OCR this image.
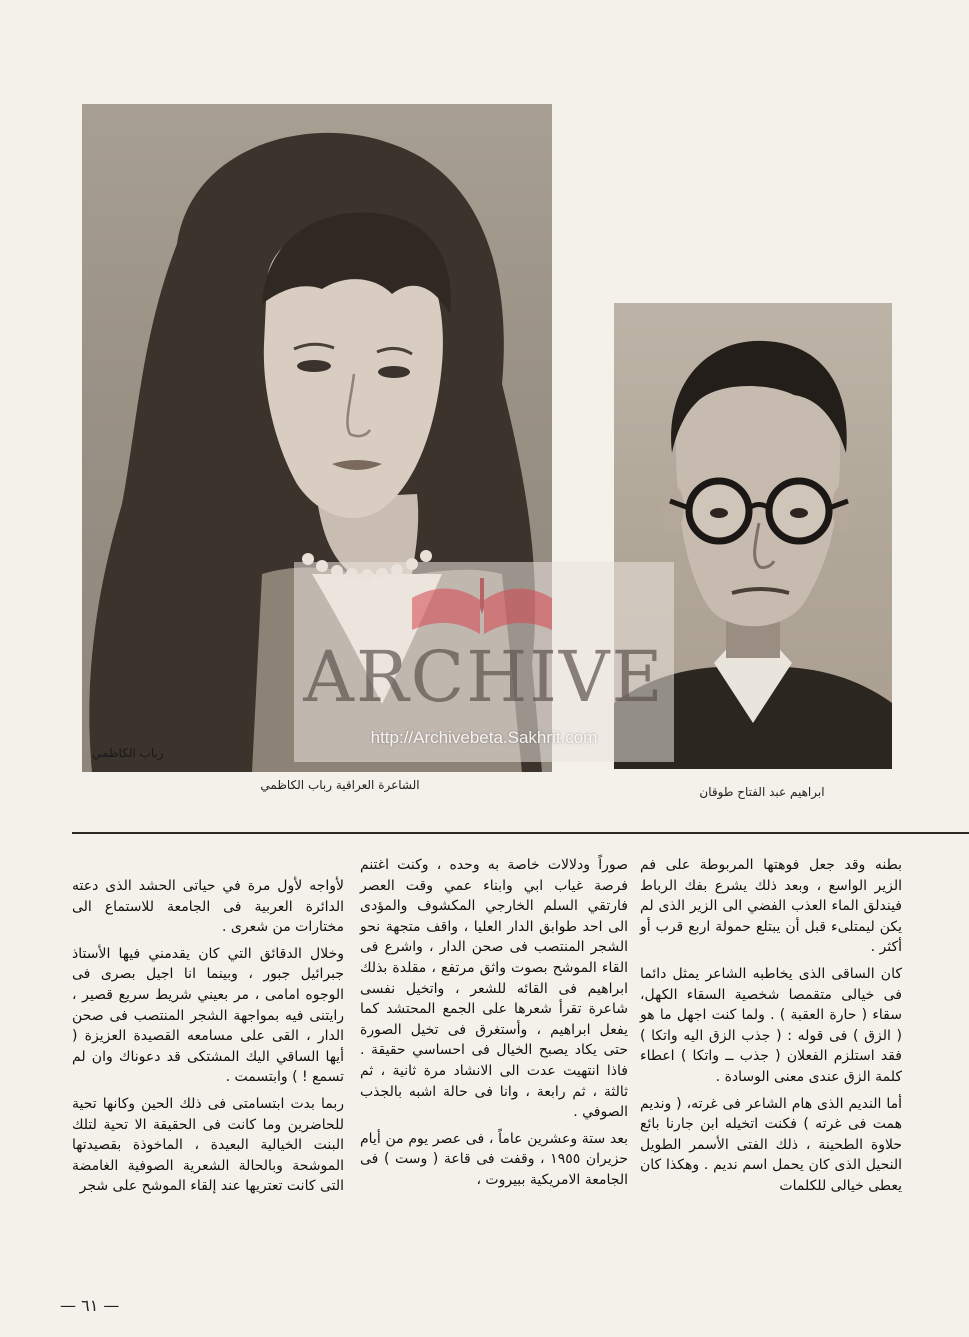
رباب الكاظمي
الشاعرة العراقية رباب الكاظمي	ابراهيم عبد الفتاح طوقان
ARCHIVE
http://Archivebeta.Sakhrit.com

بطنه وقد جعل فوهتها المربوطة على فم الزير الواسع ، وبعد ذلك يشرع بفك الرباط فيندلق الماء العذب الفضي الى الزير الذى لم يكن ليمتلىء قبل أن يبتلع حمولة اربع قرب أو أكثر .

كان الساقى الذى يخاطبه الشاعر يمثل دائما فى خيالى متقمصا شخصية السقاء الكهل، سقاء ( حارة العقبة ) . ولما كنت اجهل ما هو ( الزق ) فى قوله : ( جذب الزق اليه واتكا ) فقد استلزم الفعلان ( جذب ــ واتكا ) اعطاء كلمة الزق عندى معنى الوسادة .

أما النديم الذى هام الشاعر فى غرته، ( ونديم همت فى غرته ) فكنت اتخيله ابن جارنا بائع حلاوة الطحينة ، ذلك الفتى الأسمر الطويل النحيل الذى كان يحمل اسم نديم . وهكذا كان يعطى خيالى للكلمات

صوراً ودلالات خاصة به وحده ، وكنت اغتنم فرصة غياب ابي وابناء عمي وقت العصر فارتقي السلم الخارجي المكشوف والمؤدى الى احد طوابق الدار العليا ، واقف متجهة نحو الشجر المنتصب فى صحن الدار ، واشرع فى القاء الموشح بصوت واثق مرتفع ، مقلدة بذلك ابراهيم فى القائه للشعر ، واتخيل نفسى شاعرة تقرأ شعرها على الجمع المحتشد كما يفعل ابراهيم ، وأستغرق فى تخيل الصورة حتى يكاد يصبح الخيال فى احساسي حقيقة . فاذا انتهيت عدت الى الانشاد مرة ثانية ، ثم ثالثة ، ثم رابعة ، وانا فى حالة اشبه بالجذب الصوفي .

بعد ستة وعشرين عاماً ، فى عصر يوم من أيام حزيران ١٩٥٥ ، وقفت فى قاعة ( وست ) فى الجامعة الامريكية ببيروت ،

لأواجه لأول مرة في حياتى الحشد الذى دعته الدائرة العربية فى الجامعة للاستماع الى مختارات من شعرى .

وخلال الدقائق التي كان يقدمني فيها الأستاذ جبرائيل جبور ، وبينما انا اجيل بصرى فى الوجوه امامى ، مر بعيني شريط سريع قصير ، رايتنى فيه بمواجهة الشجر المنتصب فى صحن الدار ، القى على مسامعه القصيدة العزيزة ( أيها الساقي اليك المشتكى قد دعوناك وان لم تسمع ! ) وابتسمت .

ربما بدت ابتسامتى فى ذلك الحين وكانها تحية للحاضرين وما كانت فى الحقيقة الا تحية لتلك البنت الخيالية البعيدة ، الماخوذة بقصيدتها الموشحة وبالحالة الشعرية الصوفية الغامضة التى كانت تعتريها عند إلقاء الموشح على شجر

— ٦١ —
